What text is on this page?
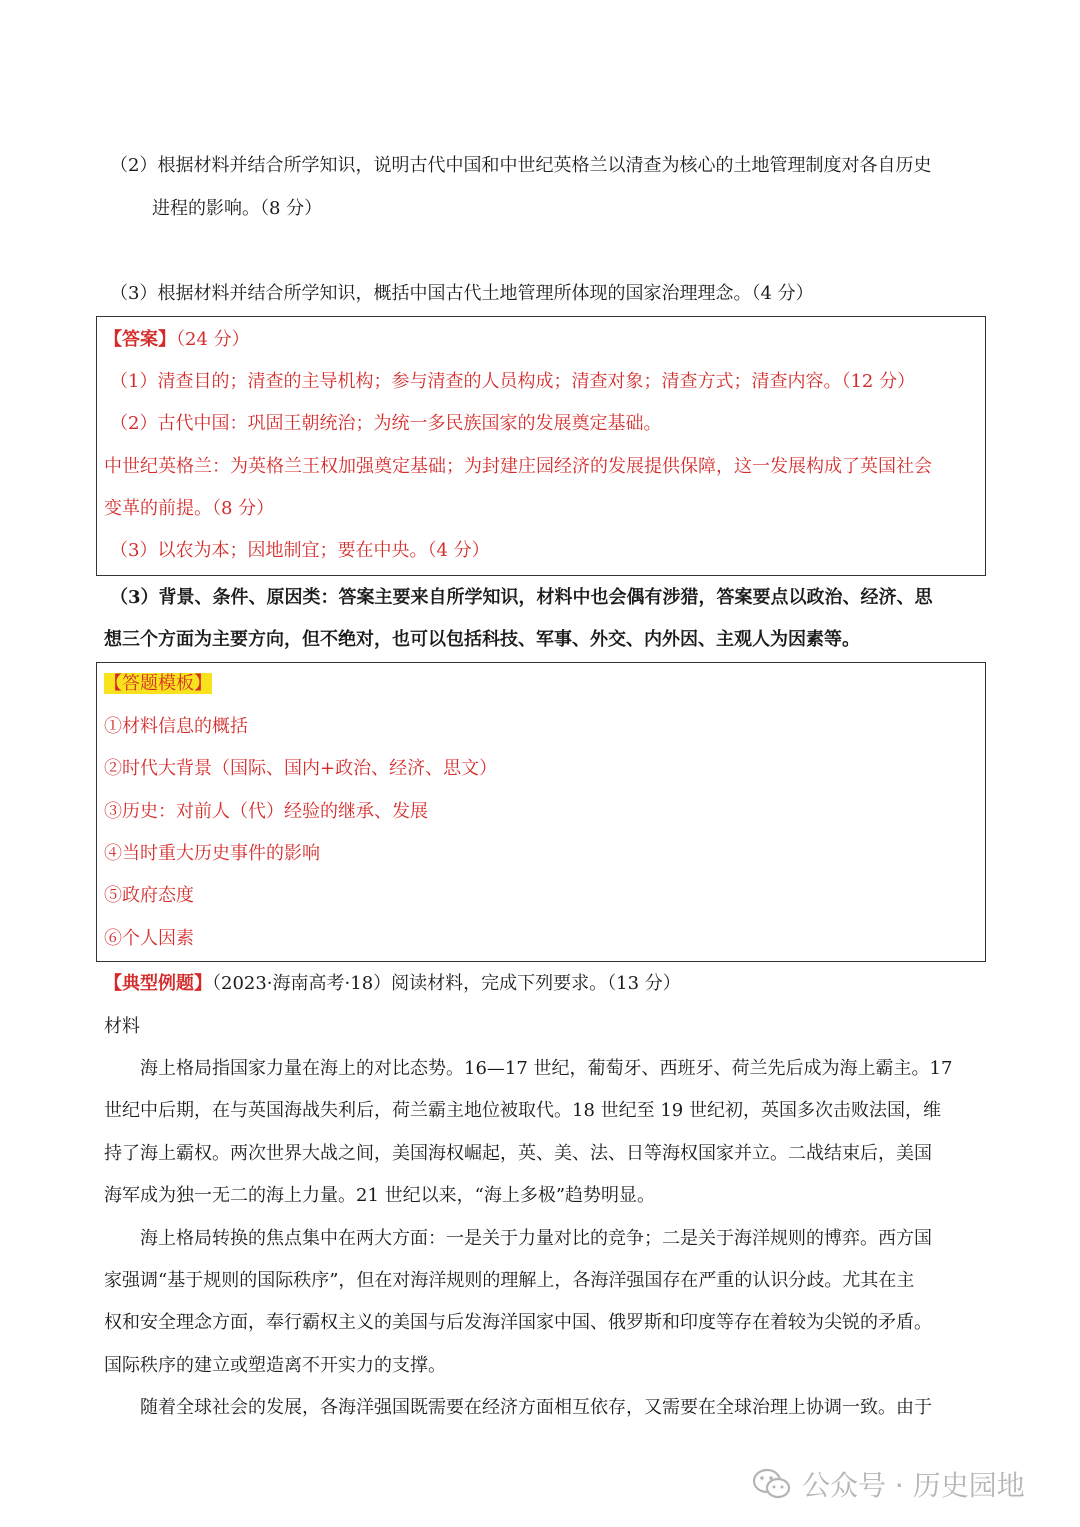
（2）根据材料并结合所学知识，说明古代中国和中世纪英格兰以清查为核心的土地管理制度对各自历史
进程的影响。（8 分）
（3）根据材料并结合所学知识，概括中国古代土地管理所体现的国家治理理念。（4 分）
【答案】（24 分）
（1）清查目的；清查的主导机构；参与清查的人员构成；清查对象；清查方式；清查内容。（12 分）
（2）古代中国：巩固王朝统治；为统一多民族国家的发展奠定基础。
中世纪英格兰：为英格兰王权加强奠定基础；为封建庄园经济的发展提供保障，这一发展构成了英国社会
变革的前提。（8 分）
（3）以农为本；因地制宜；要在中央。（4 分）
（3）背景、条件、原因类：答案主要来自所学知识，材料中也会偶有涉猎，答案要点以政治、经济、思
想三个方面为主要方向，但不绝对，也可以包括科技、军事、外交、内外因、主观人为因素等。
【答题模板】
①材料信息的概括
②时代大背景（国际、国内+政治、经济、思文）
③历史：对前人（代）经验的继承、发展
④当时重大历史事件的影响
⑤政府态度
⑥个人因素
【典型例题】（2023·海南高考·18）阅读材料，完成下列要求。（13 分）
材料
海上格局指国家力量在海上的对比态势。16—17 世纪，葡萄牙、西班牙、荷兰先后成为海上霸主。17
世纪中后期，在与英国海战失利后，荷兰霸主地位被取代。18 世纪至 19 世纪初，英国多次击败法国，维
持了海上霸权。两次世界大战之间，美国海权崛起，英、美、法、日等海权国家并立。二战结束后，美国
海军成为独一无二的海上力量。21 世纪以来，“海上多极”趋势明显。
海上格局转换的焦点集中在两大方面：一是关于力量对比的竞争；二是关于海洋规则的博弈。西方国
家强调“基于规则的国际秩序”，但在对海洋规则的理解上，各海洋强国存在严重的认识分歧。尤其在主
权和安全理念方面，奉行霸权主义的美国与后发海洋国家中国、俄罗斯和印度等存在着较为尖锐的矛盾。
国际秩序的建立或塑造离不开实力的支撑。
随着全球社会的发展，各海洋强国既需要在经济方面相互依存，又需要在全球治理上协调一致。由于
公众号 · 历史园地
